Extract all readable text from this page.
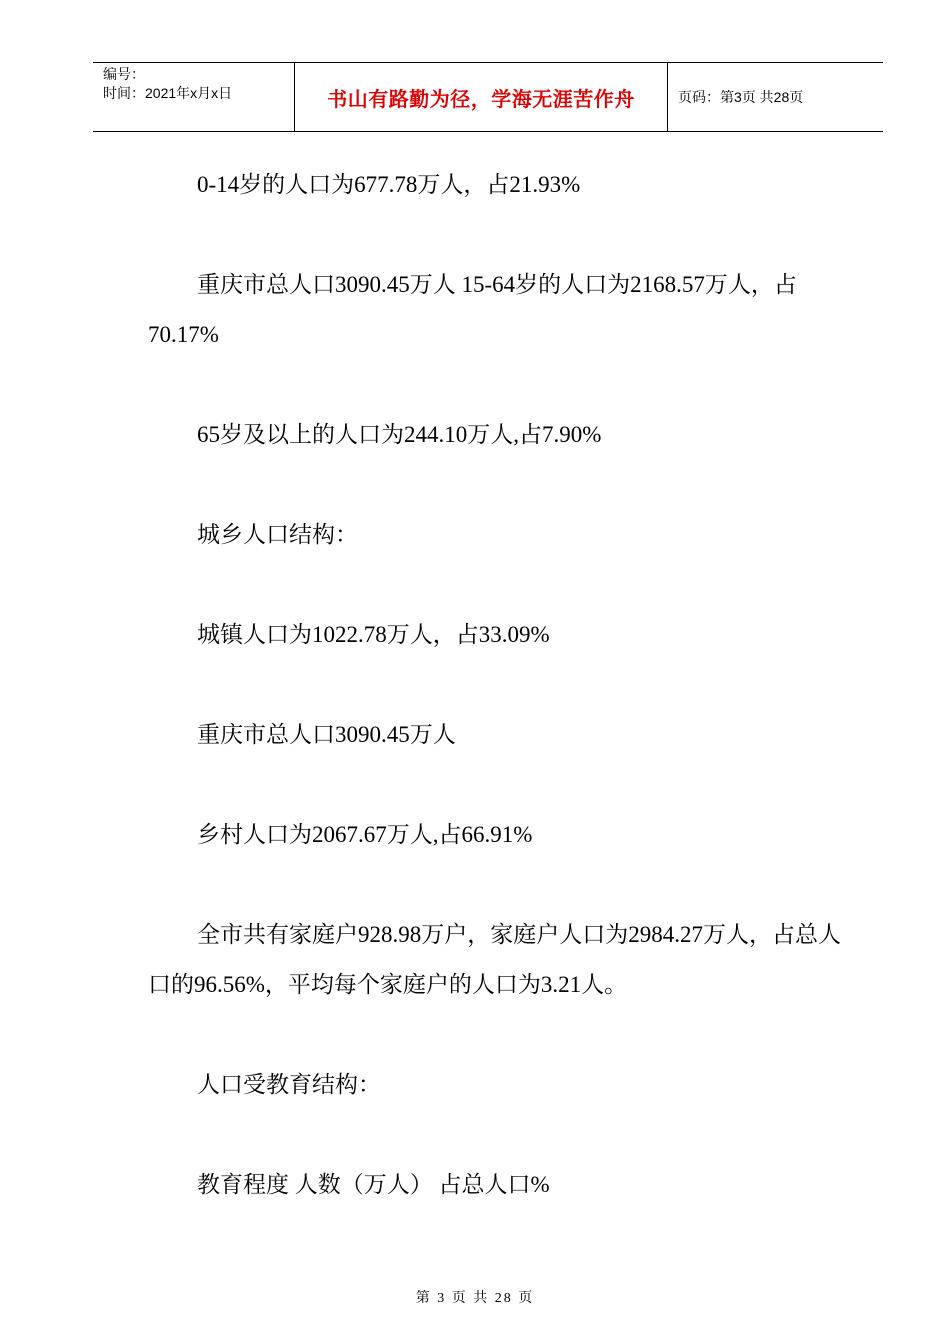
编号：
时间：2021年x月x日	书山有路勤为径，学海无涯苦作舟	页码：第3页 共28页

0-14岁的人口为677.78万人，占21.93%

重庆市总人口3090.45万人 15-64岁的人口为2168.57万人，占70.17%

65岁及以上的人口为244.10万人,占7.90%

城乡人口结构：

城镇人口为1022.78万人，占33.09%

重庆市总人口3090.45万人

乡村人口为2067.67万人,占66.91%

全市共有家庭户928.98万户，家庭户人口为2984.27万人，占总人口的96.56%，平均每个家庭户的人口为3.21人。

人口受教育结构：

教育程度 人数（万人） 占总人口%

第 3 页 共 28 页
